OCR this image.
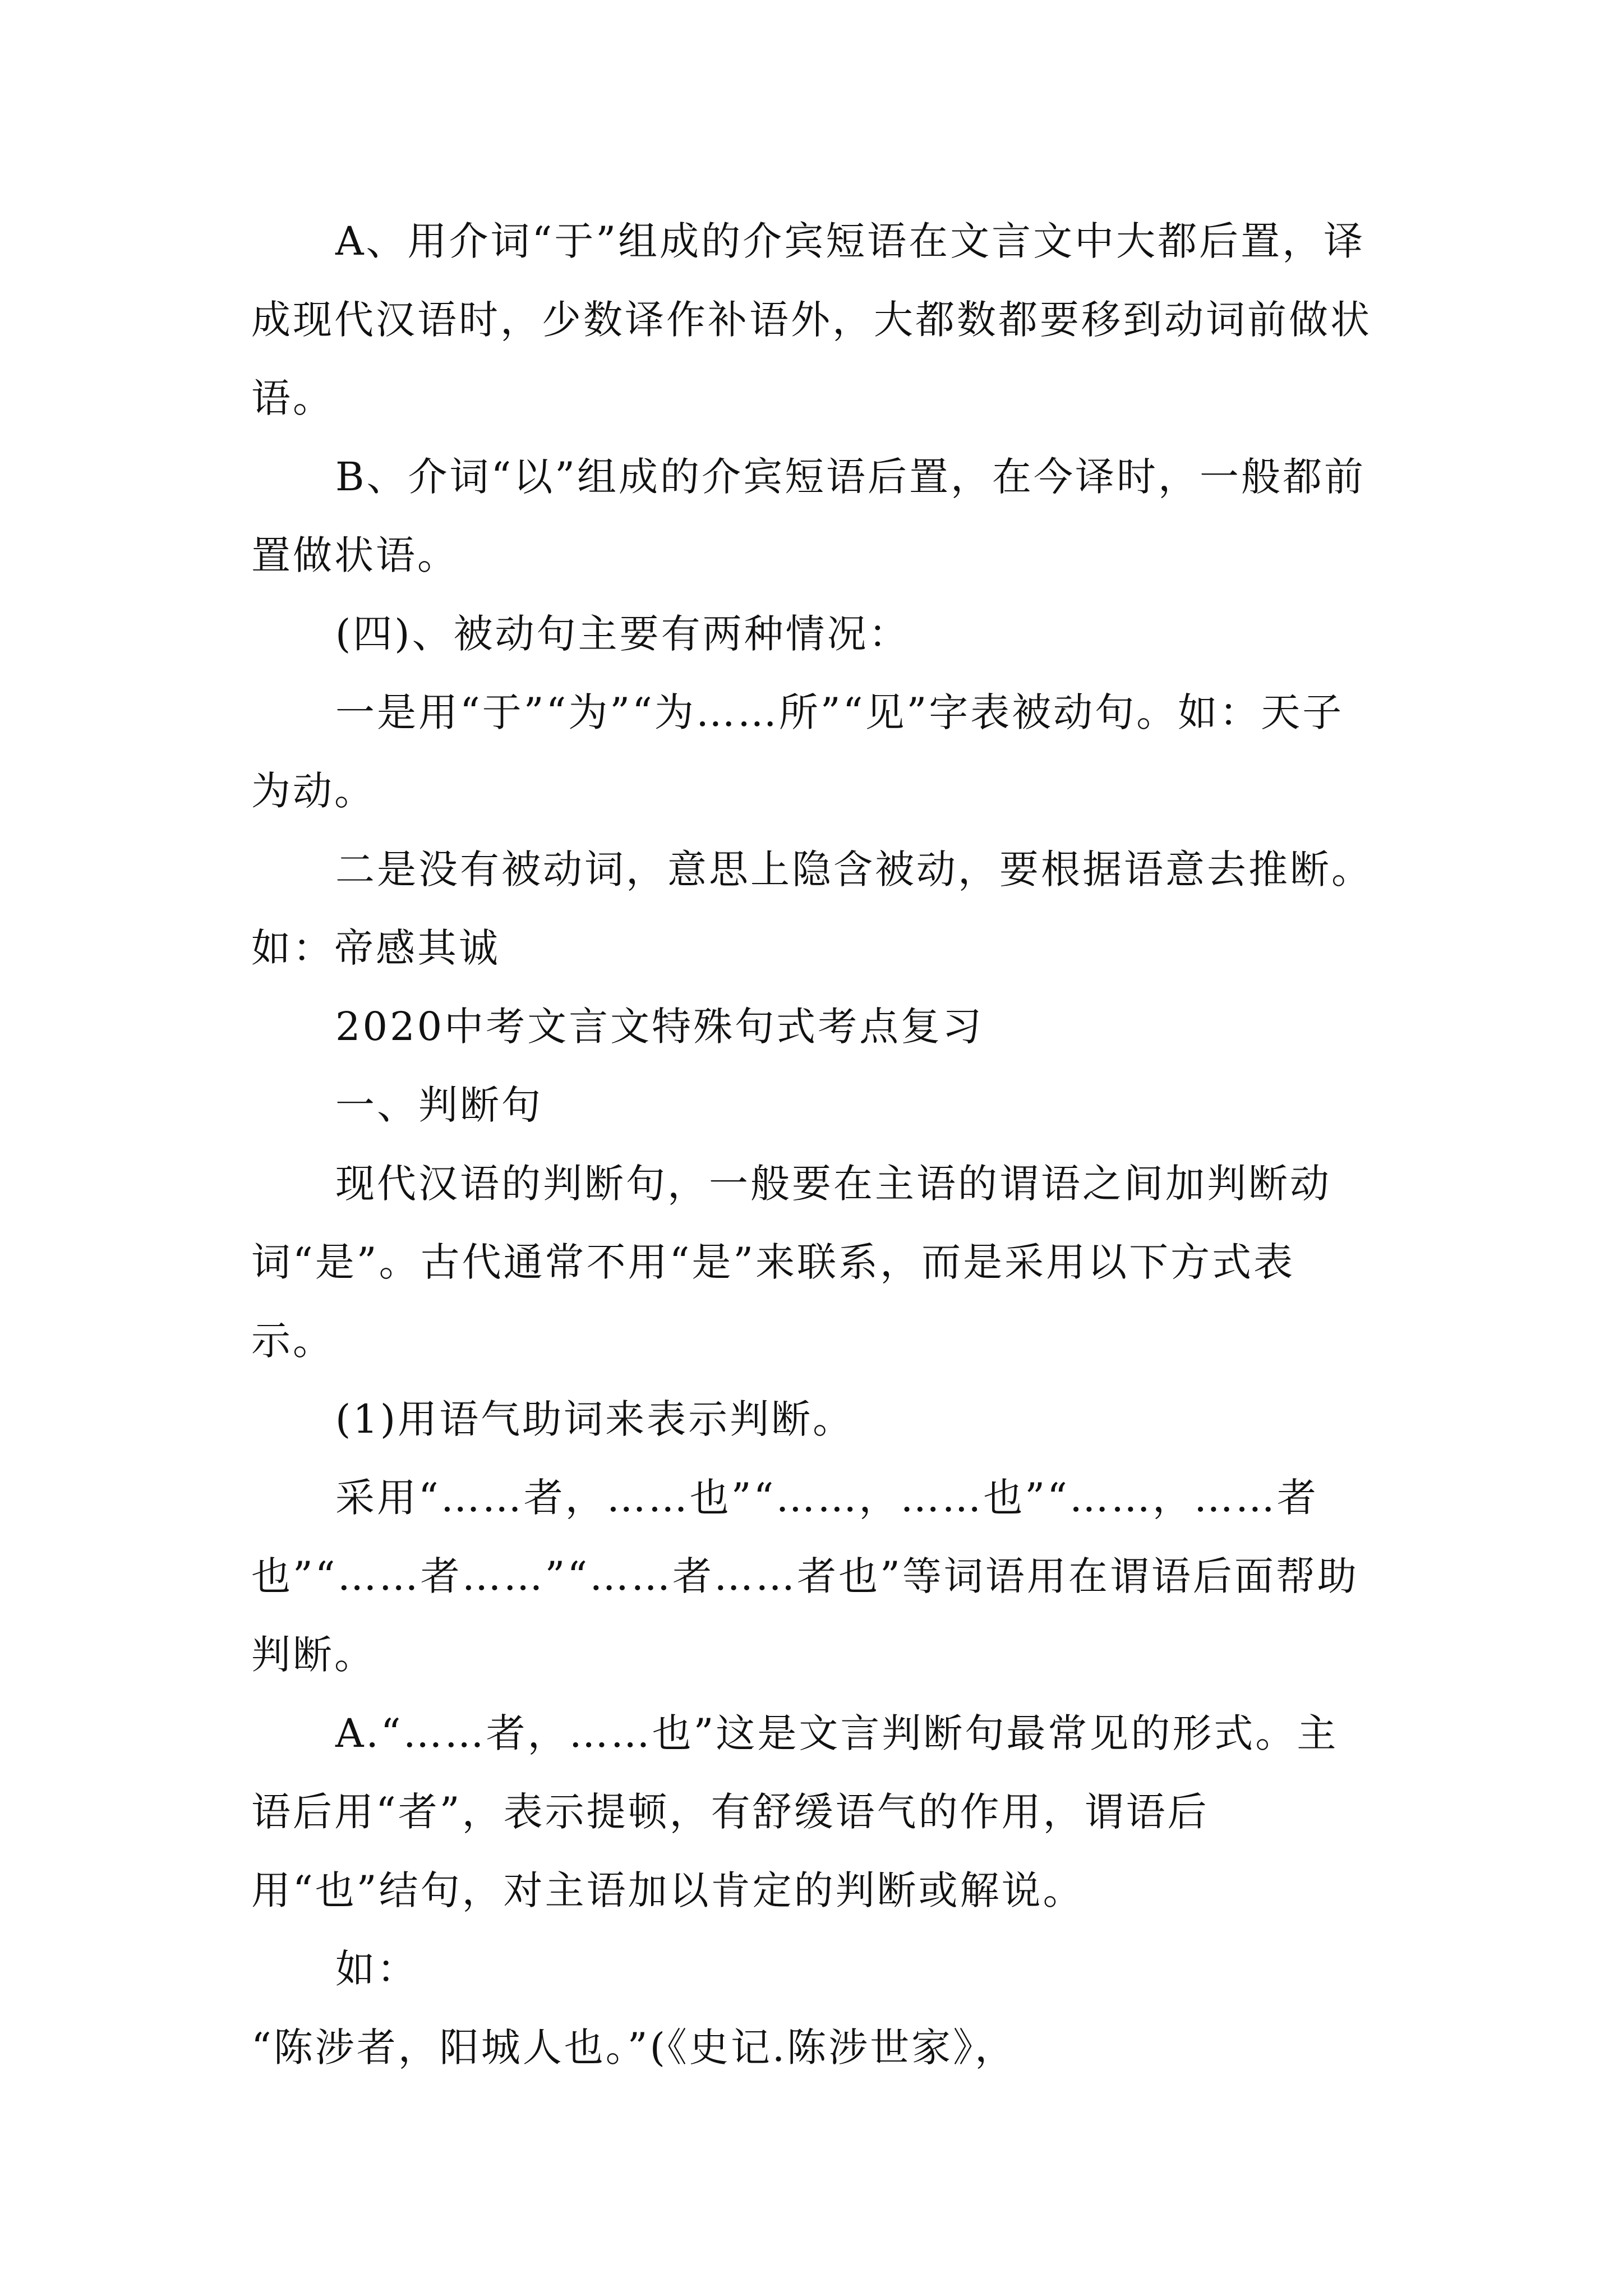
A、用介词“于”组成的介宾短语在文言文中大都后置，译成现代汉语时，少数译作补语外，大都数都要移到动词前做状语。

B、介词“以”组成的介宾短语后置，在今译时，一般都前置做状语。

(四)、被动句主要有两种情况：

一是用“于”“为”“为……所”“见”字表被动句。如：天子为动。

二是没有被动词，意思上隐含被动，要根据语意去推断。如：帝感其诚

2020中考文言文特殊句式考点复习

一、判断句

现代汉语的判断句，一般要在主语的谓语之间加判断动词“是”。古代通常不用“是”来联系，而是采用以下方式表示。

(1)用语气助词来表示判断。

采用“……者，……也”“……，……也”“……，……者也”“……者……”“……者……者也”等词语用在谓语后面帮助判断。

A.“……者，……也”这是文言判断句最常见的形式。主语后用“者”，表示提顿，有舒缓语气的作用，谓语后用“也”结句，对主语加以肯定的判断或解说。

如：

“陈涉者，阳城人也。”(《史记.陈涉世家》，
